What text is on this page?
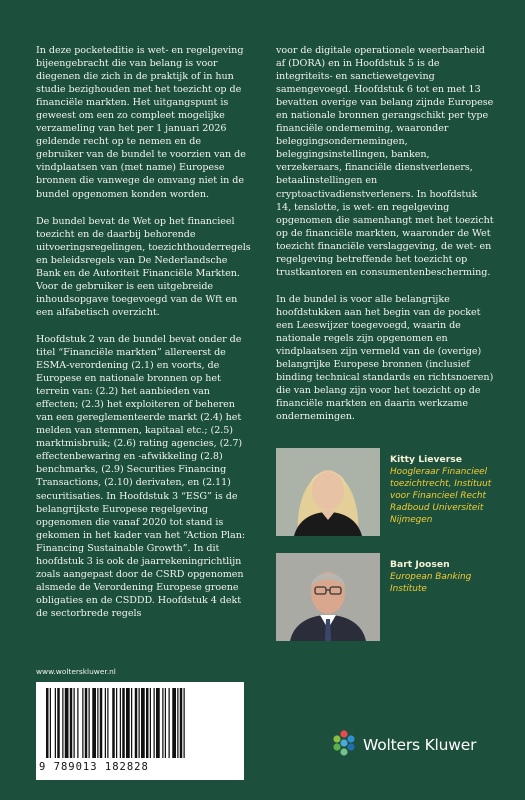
In deze pocketeditie is wet- en regelgeving bijeengebracht die van belang is voor diegenen die zich in de praktijk of in hun studie bezighouden met het toezicht op de financiële markten. Het uitgangspunt is geweest om een zo compleet mogelijke verzameling van het per 1 januari 2026 geldende recht op te nemen en de gebruiker van de bundel te voorzien van de vindplaatsen van (met name) Europese bronnen die vanwege de omvang niet in de bundel opgenomen konden worden.

De bundel bevat de Wet op het financieel toezicht en de daarbij behorende uitvoeringsregelingen, toezichthouderregels en beleidsregels van De Nederlandsche Bank en de Autoriteit Financiële Markten. Voor de gebruiker is een uitgebreide inhoudsopgave toegevoegd van de Wft en een alfabetisch overzicht.

Hoofdstuk 2 van de bundel bevat onder de titel “Financiële markten” allereerst de ESMA-verordening (2.1) en voorts, de Europese en nationale bronnen op het terrein van: (2.2) het aanbieden van effecten; (2.3) het exploiteren of beheren van een gereglementeerde markt (2.4) het melden van stemmen, kapitaal etc.; (2.5) marktmisbruik; (2.6) rating agencies, (2.7) effectenbewaring en -afwikkeling (2.8) benchmarks, (2.9) Securities Financing Transactions, (2.10) derivaten, en (2.11) securitisaties. In Hoofdstuk 3 “ESG” is de belangrijkste Europese regelgeving opgenomen die vanaf 2020 tot stand is gekomen in het kader van het “Action Plan: Financing Sustainable Growth”. In dit hoofdstuk 3 is ook de jaarrekeningrichtlijn zoals aangepast door de CSRD opgenomen alsmede de Verordening Europese groene obligaties en de CSDDD. Hoofdstuk 4 dekt de sectorbrede regels

voor de digitale operationele weerbaarheid af (DORA) en in Hoofdstuk 5 is de integriteits- en sanctiewetgeving samengevoegd. Hoofdstuk 6 tot en met 13 bevatten overige van belang zijnde Europese en nationale bronnen gerangschikt per type financiële onderneming, waaronder beleggingsondernemingen, beleggingsinstellingen, banken, verzekeraars, financiële dienstverleners, betaalinstellingen en cryptoactivadienstverleners. In hoofdstuk 14, tenslotte, is wet- en regelgeving opgenomen die samenhangt met het toezicht op de financiële markten, waaronder de Wet toezicht financiële verslaggeving, de wet- en regelgeving betreffende het toezicht op trustkantoren en consumentenbescherming.

In de bundel is voor alle belangrijke hoofdstukken aan het begin van de pocket een Leeswijzer toegevoegd, waarin de nationale regels zijn opgenomen en vindplaatsen zijn vermeld van de (overige) belangrijke Europese bronnen (inclusief binding technical standards en richtsnoeren) die van belang zijn voor het toezicht op de financiële markten en daarin werkzame ondernemingen.

Kitty Lieverse

Hoogleraar Financieel toezichtrecht, Instituut voor Financieel Recht Radboud Universiteit Nijmegen

Bart Joosen

European Banking Institute

www.wolterskluwer.nl

9 789013 182828
Wolters Kluwer
